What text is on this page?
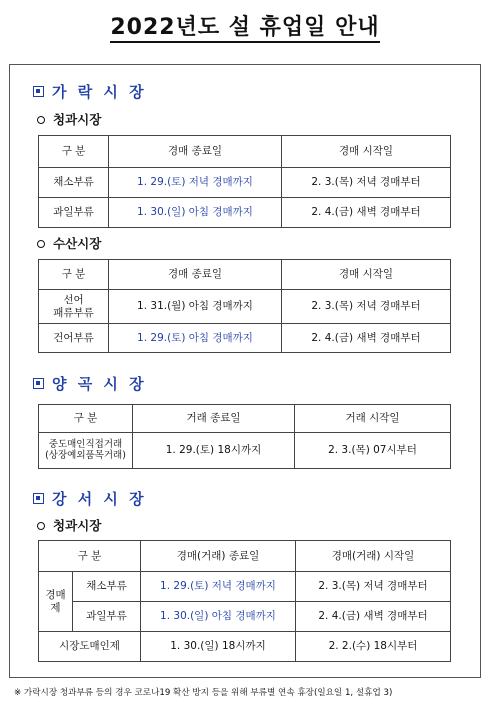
2022년도 설 휴업일 안내
가 락 시 장
청과시장
구 분	경매 종료일	경매 시작일
채소부류	1. 29.(토) 저녁 경매까지	2. 3.(목) 저녁 경매부터
과일부류	1. 30.(일) 아침 경매까지	2. 4.(금) 새벽 경매부터
수산시장
구 분	경매 종료일	경매 시작일

선어
패류부류	1. 31.(월) 아침 경매까지	2. 3.(목) 저녁 경매부터
건어부류	1. 29.(토) 아침 경매까지	2. 4.(금) 새벽 경매부터
양 곡 시 장
구 분	거래 종료일	거래 시작일

중도매인직접거래
(상장예외품목거래)	1. 29.(토) 18시까지	2. 3.(목) 07시부터
강 서 시 장
청과시장
구 분		경매(거래) 종료일	경매(거래) 시작일

경매
제	채소부류	1. 29.(토) 저녁 경매까지	2. 3.(목) 저녁 경매부터
	과일부류	1. 30.(일) 아침 경매까지	2. 4.(금) 새벽 경매부터
시장도매인제		1. 30.(일) 18시까지	2. 2.(수) 18시부터
※ 가락시장 청과부류 등의 경우 코로나19 확산 방지 등을 위해 부류별 연속 휴장(일요일 1, 설휴업 3)
